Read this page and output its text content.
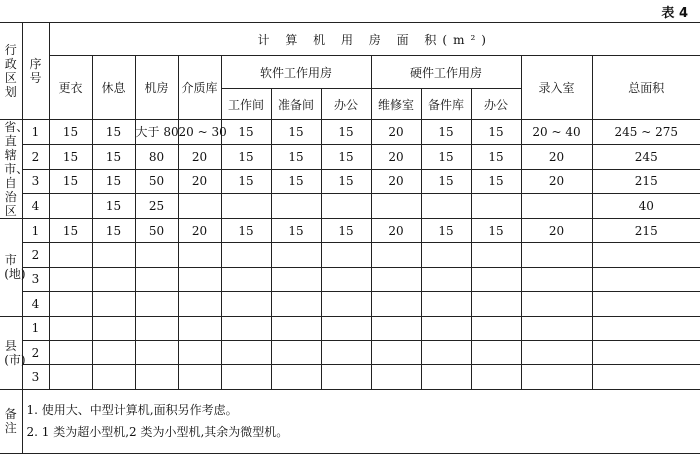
表 4
行政区划	序号	计 算 机 用 房 面 积(m²)											
		更衣	休息	机房	介质库	软件工作用房			硬件工作用房			录入室	总面积
						工作间	准备间	办公	维修室	备件库	办公		
省、直辖市、自治区	1	15	15	大于 80	20 ~ 30	15	15	15	20	15	15	20 ~ 40	245 ~ 275
	2	15	15	80	20	15	15	15	20	15	15	20	245
	3	15	15	50	20	15	15	15	20	15	15	20	215
	4		15	25									40
市(地)	1	15	15	50	20	15	15	15	20	15	15	20	215
	2												
	3												
	4												
县(市)	1												
	2												
	3												
备注	1. 使用大、中型计算机,面积另作考虑。
2. 1 类为超小型机,2 类为小型机,其余为微型机。												
